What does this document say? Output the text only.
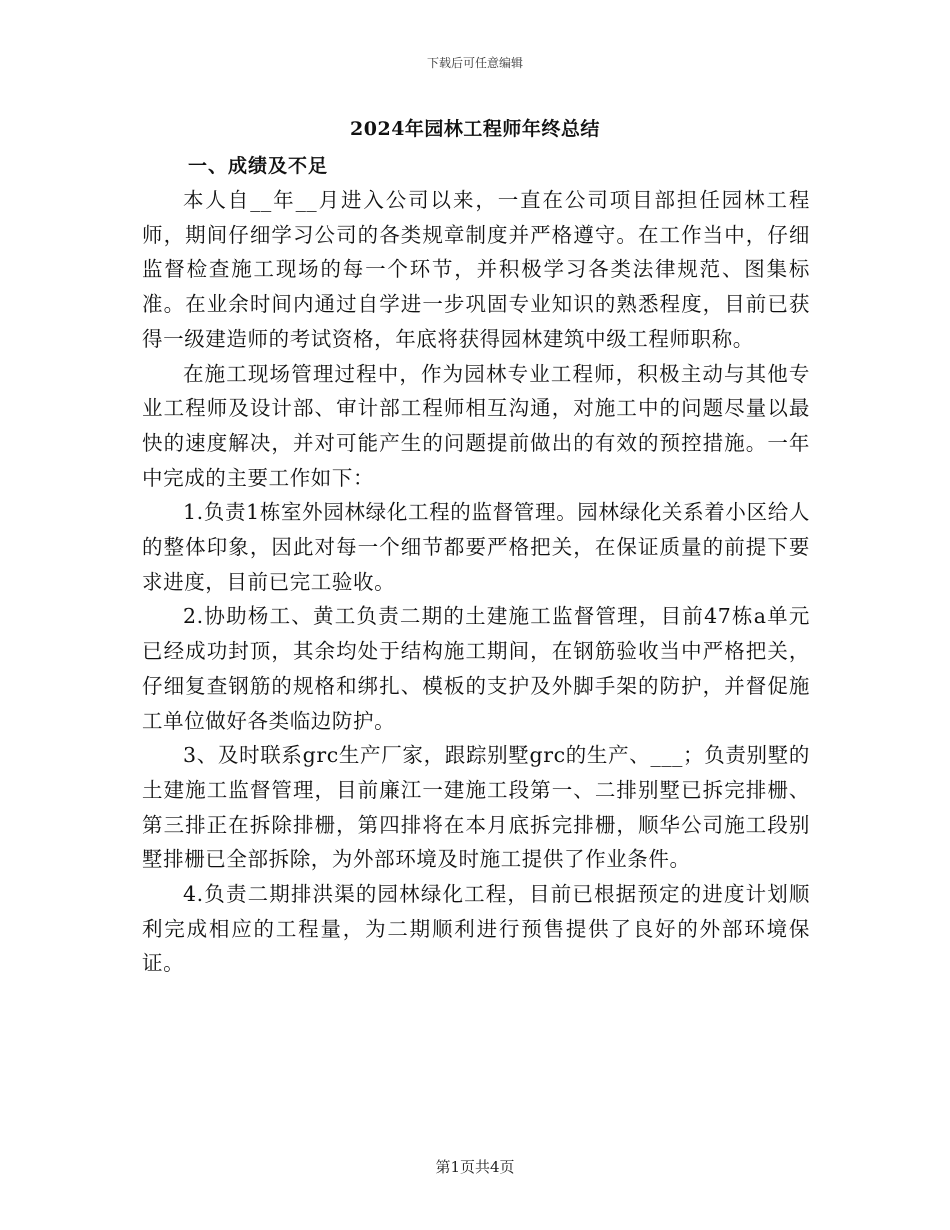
下载后可任意编辑
2024年园林工程师年终总结
一、成绩及不足

本人自__年__月进入公司以来，一直在公司项目部担任园林工程师，期间仔细学习公司的各类规章制度并严格遵守。在工作当中，仔细监督检查施工现场的每一个环节，并积极学习各类法律规范、图集标准。在业余时间内通过自学进一步巩固专业知识的熟悉程度，目前已获得一级建造师的考试资格，年底将获得园林建筑中级工程师职称。

在施工现场管理过程中，作为园林专业工程师，积极主动与其他专业工程师及设计部、审计部工程师相互沟通，对施工中的问题尽量以最快的速度解决，并对可能产生的问题提前做出的有效的预控措施。一年中完成的主要工作如下：

1.负责1栋室外园林绿化工程的监督管理。园林绿化关系着小区给人的整体印象，因此对每一个细节都要严格把关，在保证质量的前提下要求进度，目前已完工验收。

2.协助杨工、黄工负责二期的土建施工监督管理，目前47栋a单元已经成功封顶，其余均处于结构施工期间，在钢筋验收当中严格把关，仔细复查钢筋的规格和绑扎、模板的支护及外脚手架的防护，并督促施工单位做好各类临边防护。

3、及时联系grc生产厂家，跟踪别墅grc的生产、___；负责别墅的土建施工监督管理，目前廉江一建施工段第一、二排别墅已拆完排栅、第三排正在拆除排栅，第四排将在本月底拆完排栅，顺华公司施工段别墅排栅已全部拆除，为外部环境及时施工提供了作业条件。

4.负责二期排洪渠的园林绿化工程，目前已根据预定的进度计划顺利完成相应的工程量，为二期顺利进行预售提供了良好的外部环境保证。

第1页共4页
